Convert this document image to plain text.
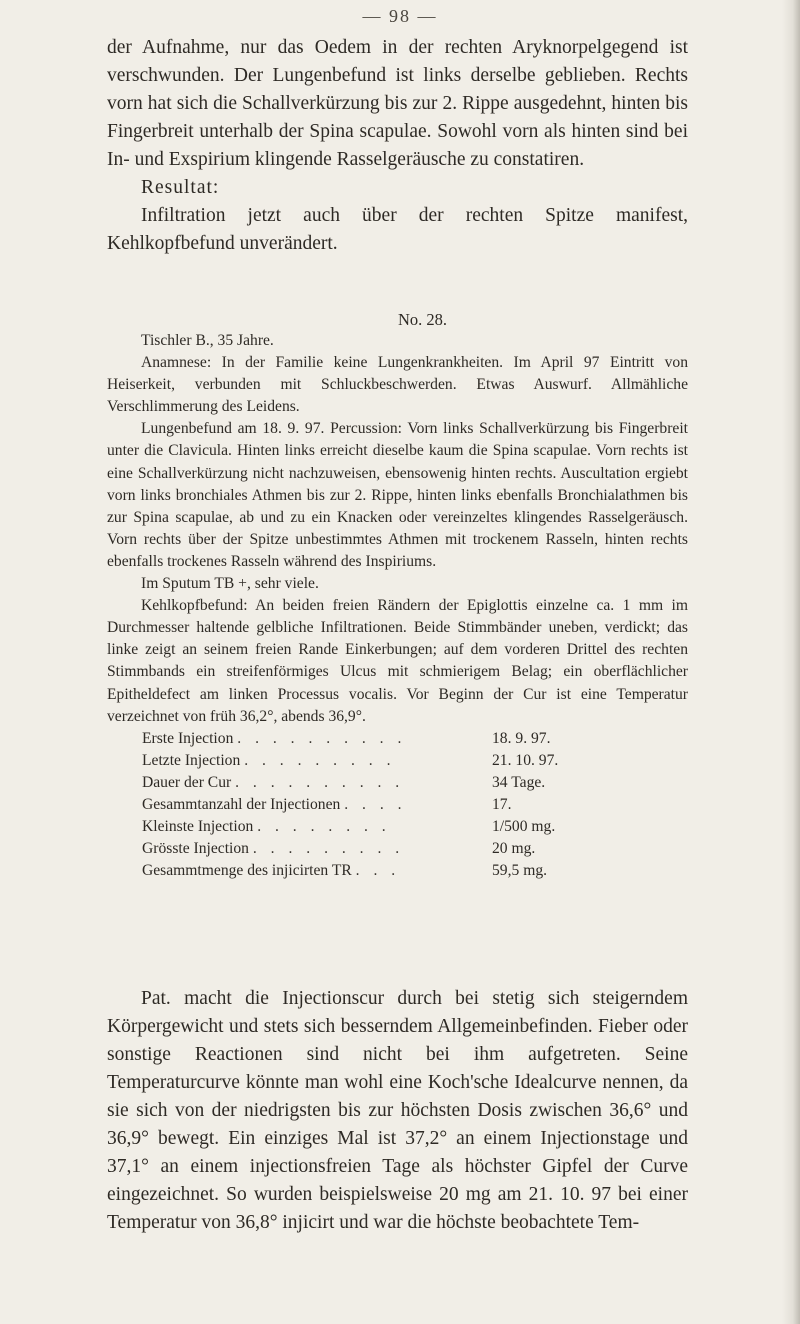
— 98 —

der Aufnahme, nur das Oedem in der rechten Aryknorpelgegend ist verschwunden. Der Lungenbefund ist links derselbe geblieben. Rechts vorn hat sich die Schallverkürzung bis zur 2. Rippe ausgedehnt, hinten bis Fingerbreit unterhalb der Spina scapulae. Sowohl vorn als hinten sind bei In- und Exspirium klingende Rasselgeräusche zu constatiren.

Resultat:

Infiltration jetzt auch über der rechten Spitze manifest, Kehlkopfbefund unverändert.

No. 28.

Tischler B., 35 Jahre.

Anamnese: In der Familie keine Lungenkrankheiten. Im April 97 Eintritt von Heiserkeit, verbunden mit Schluckbeschwerden. Etwas Auswurf. Allmähliche Verschlimmerung des Leidens.

Lungenbefund am 18. 9. 97. Percussion: Vorn links Schallverkürzung bis Fingerbreit unter die Clavicula. Hinten links erreicht dieselbe kaum die Spina scapulae. Vorn rechts ist eine Schallverkürzung nicht nachzuweisen, ebensowenig hinten rechts. Auscultation ergiebt vorn links bronchiales Athmen bis zur 2. Rippe, hinten links ebenfalls Bronchialathmen bis zur Spina scapulae, ab und zu ein Knacken oder vereinzeltes klingendes Rasselgeräusch. Vorn rechts über der Spitze unbestimmtes Athmen mit trockenem Rasseln, hinten rechts ebenfalls trockenes Rasseln während des Inspiriums.

Im Sputum TB +, sehr viele.

Kehlkopfbefund: An beiden freien Rändern der Epiglottis einzelne ca. 1 mm im Durchmesser haltende gelbliche Infiltrationen. Beide Stimmbänder uneben, verdickt; das linke zeigt an seinem freien Rande Einkerbungen; auf dem vorderen Drittel des rechten Stimmbands ein streifenförmiges Ulcus mit schmierigem Belag; ein oberflächlicher Epitheldefect am linken Processus vocalis. Vor Beginn der Cur ist eine Temperatur verzeichnet von früh 36,2°, abends 36,9°.

Erste Injection . . . . . . . . . .	18. 9. 97.
Letzte Injection . . . . . . . . .	21. 10. 97.
Dauer der Cur . . . . . . . . . .	34 Tage.
Gesammtanzahl der Injectionen . . . .	17.
Kleinste Injection . . . . . . . .	1/500 mg.
Grösste Injection . . . . . . . . .	20 mg.
Gesammtmenge des injicirten TR . . .	59,5 mg.

Pat. macht die Injectionscur durch bei stetig sich steigerndem Körpergewicht und stets sich besserndem Allgemeinbefinden. Fieber oder sonstige Reactionen sind nicht bei ihm aufgetreten. Seine Temperaturcurve könnte man wohl eine Koch'sche Idealcurve nennen, da sie sich von der niedrigsten bis zur höchsten Dosis zwischen 36,6° und 36,9° bewegt. Ein einziges Mal ist 37,2° an einem Injectionstage und 37,1° an einem injectionsfreien Tage als höchster Gipfel der Curve eingezeichnet. So wurden beispielsweise 20 mg am 21. 10. 97 bei einer Temperatur von 36,8° injicirt und war die höchste beobachtete Tem-
